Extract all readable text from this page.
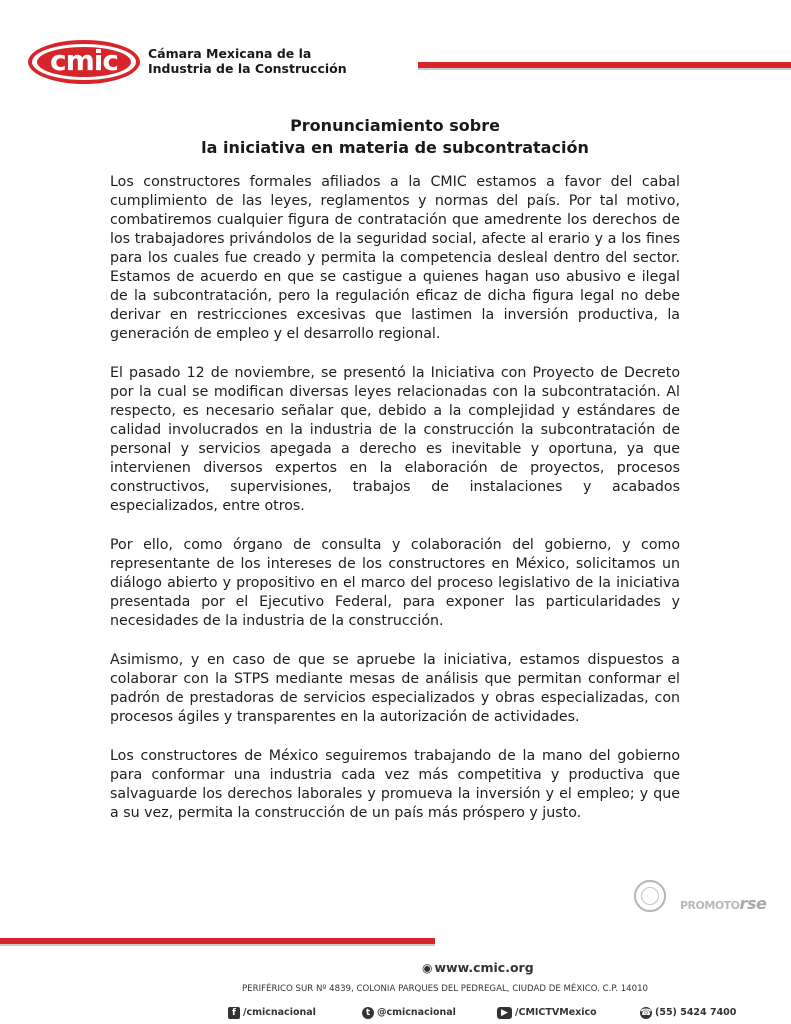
cmic	Cámara Mexicana de la
Industria de la Construcción
Pronunciamiento sobre
la iniciativa en materia de subcontratación

Los constructores formales afiliados a la CMIC estamos a favor del cabal cumplimiento de las leyes, reglamentos y normas del país. Por tal motivo, combatiremos cualquier figura de contratación que amedrente los derechos de los trabajadores privándolos de la seguridad social, afecte al erario y a los fines para los cuales fue creado y permita la competencia desleal dentro del sector. Estamos de acuerdo en que se castigue a quienes hagan uso abusivo e ilegal de la subcontratación, pero la regulación eficaz de dicha figura legal no debe derivar en restricciones excesivas que lastimen la inversión productiva, la generación de empleo y el desarrollo regional.

El pasado 12 de noviembre, se presentó la Iniciativa con Proyecto de Decreto por la cual se modifican diversas leyes relacionadas con la subcontratación. Al respecto, es necesario señalar que, debido a la complejidad y estándares de calidad involucrados en la industria de la construcción la subcontratación de personal y servicios apegada a derecho es inevitable y oportuna, ya que intervienen diversos expertos en la elaboración de proyectos, procesos constructivos, supervisiones, trabajos de instalaciones y acabados especializados, entre otros.

Por ello, como órgano de consulta y colaboración del gobierno, y como representante de los intereses de los constructores en México, solicitamos un diálogo abierto y propositivo en el marco del proceso legislativo de la iniciativa presentada por el Ejecutivo Federal, para exponer las particularidades y necesidades de la industria de la construcción.

Asimismo, y en caso de que se apruebe la iniciativa, estamos dispuestos a colaborar con la STPS mediante mesas de análisis que permitan conformar el padrón de prestadoras de servicios especializados y obras especializadas, con procesos ágiles y transparentes en la autorización de actividades.

Los constructores de México seguiremos trabajando de la mano del gobierno para conformar una industria cada vez más competitiva y productiva que salvaguarde los derechos laborales y promueva la inversión y el empleo; y que a su vez, permita la construcción de un país más próspero y justo.

PROMOTOrse
◉ www.cmic.org
PERIFÉRICO SUR Nº 4839, COLONIA PARQUES DEL PEDREGAL, CIUDAD DE MÉXICO. C.P. 14010
f /cmicnacional	t @cmicnacional	▶ /CMICTVMexico	☎ (55) 5424 7400
